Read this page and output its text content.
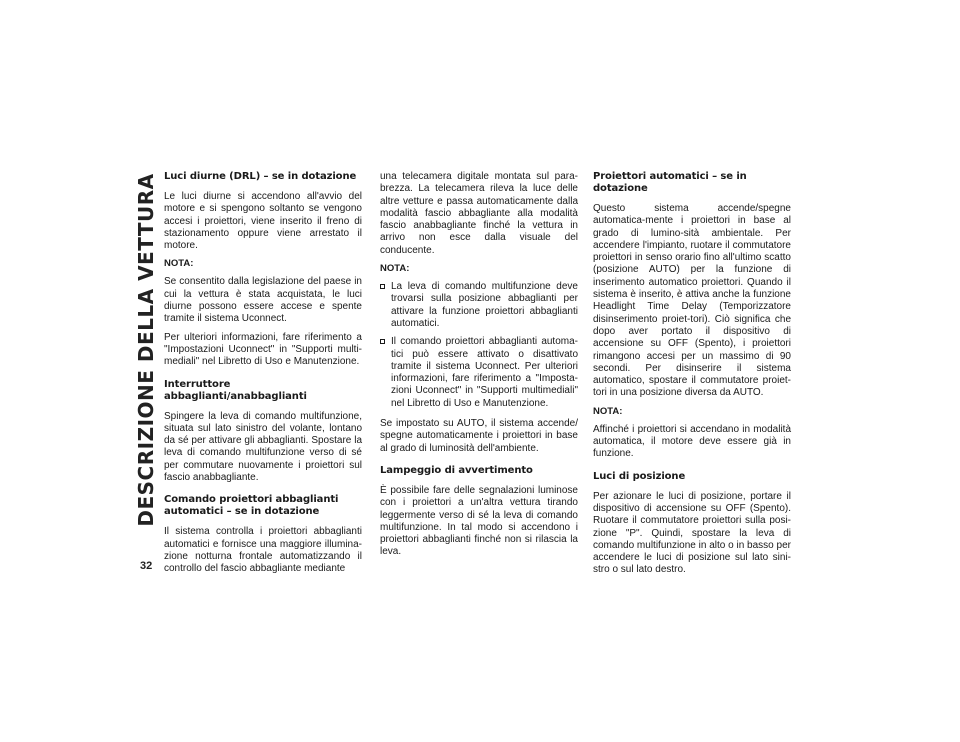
DESCRIZIONE DELLA VETTURA
32
Luci diurne (DRL) – se in dotazione

Le luci diurne si accendono all'avvio del motore e si spengono soltanto se vengono accesi i proiettori, viene inserito il freno di stazionamento oppure viene arrestato il motore.

NOTA:

Se consentito dalla legislazione del paese in cui la vettura è stata acquistata, le luci diurne possono essere accese e spente tramite il sistema Uconnect.

Per ulteriori informazioni, fare riferimento a "Impostazioni Uconnect" in "Supporti multi-mediali" nel Libretto di Uso e Manutenzione.

Interruttore abbaglianti/anabbaglianti

Spingere la leva di comando multifunzione, situata sul lato sinistro del volante, lontano da sé per attivare gli abbaglianti. Spostare la leva di comando multifunzione verso di sé per commutare nuovamente i proiettori sul fascio anabbagliante.

Comando proiettori abbaglianti automatici – se in dotazione

Il sistema controlla i proiettori abbaglianti automatici e fornisce una maggiore illumina-zione notturna frontale automatizzando il controllo del fascio abbagliante mediante

una telecamera digitale montata sul para-brezza. La telecamera rileva la luce delle altre vetture e passa automaticamente dalla modalità fascio abbagliante alla modalità fascio anabbagliante finché la vettura in arrivo non esce dalla visuale del conducente.

NOTA:

La leva di comando multifunzione deve trovarsi sulla posizione abbaglianti per attivare la funzione proiettori abbaglianti automatici.
Il comando proiettori abbaglianti automa-tici può essere attivato o disattivato tramite il sistema Uconnect. Per ulteriori informazioni, fare riferimento a "Imposta-zioni Uconnect" in "Supporti multimediali" nel Libretto di Uso e Manutenzione.

Se impostato su AUTO, il sistema accende/ spegne automaticamente i proiettori in base al grado di luminosità dell'ambiente.

Lampeggio di avvertimento

È possibile fare delle segnalazioni luminose con i proiettori a un'altra vettura tirando leggermente verso di sé la leva di comando multifunzione. In tal modo si accendono i proiettori abbaglianti finché non si rilascia la leva.

Proiettori automatici – se in dotazione

Questo sistema accende/spegne automatica-mente i proiettori in base al grado di lumino-sità ambientale. Per accendere l'impianto, ruotare il commutatore proiettori in senso orario fino all'ultimo scatto (posizione AUTO) per la funzione di inserimento automatico proiettori. Quando il sistema è inserito, è attiva anche la funzione Headlight Time Delay (Temporizzatore disinserimento proiet-tori). Ciò significa che dopo aver portato il dispositivo di accensione su OFF (Spento), i proiettori rimangono accesi per un massimo di 90 secondi. Per disinserire il sistema automatico, spostare il commutatore proiet-tori in una posizione diversa da AUTO.

NOTA:

Affinché i proiettori si accendano in modalità automatica, il motore deve essere già in funzione.

Luci di posizione

Per azionare le luci di posizione, portare il dispositivo di accensione su OFF (Spento). Ruotare il commutatore proiettori sulla posi-zione "P". Quindi, spostare la leva di comando multifunzione in alto o in basso per accendere le luci di posizione sul lato sini-stro o sul lato destro.
